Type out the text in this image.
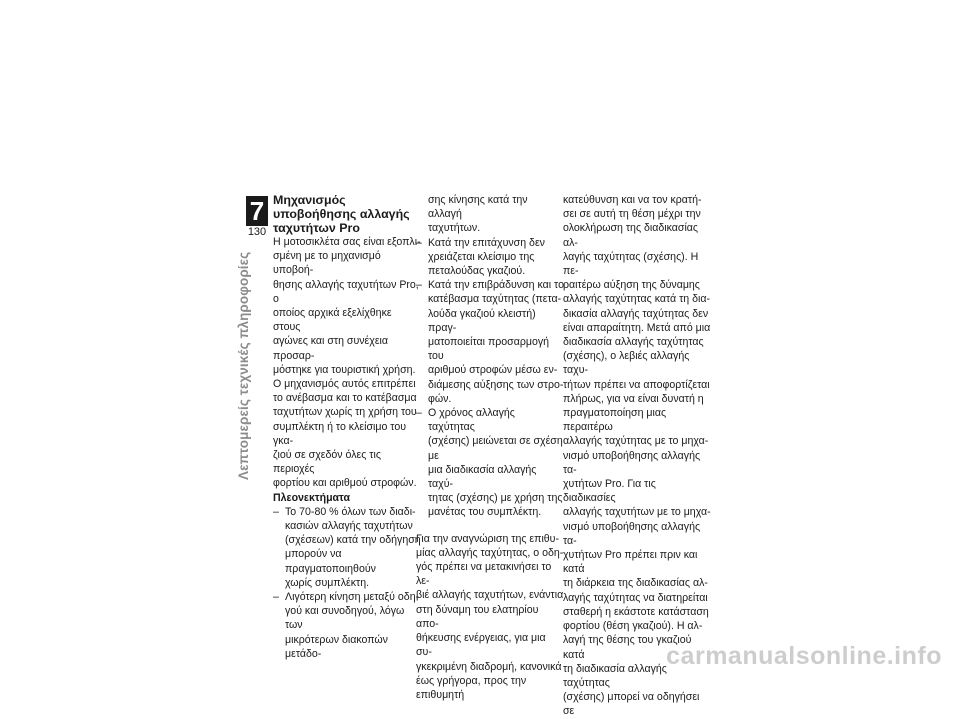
7
130
Λεπτομερείς τεχνικές πληροφορίες

Μηχανισμός
υποβοήθησης αλλαγής
ταχυτήτων Pro

Η μοτοσικλέτα σας είναι εξοπλι-
σμένη με το μηχανισμό υποβοή-
θησης αλλαγής ταχυτήτων Pro, ο
οποίος αρχικά εξελίχθηκε στους
αγώνες και στη συνέχεια προσαρ-
μόστηκε για τουριστική χρήση.

Ο μηχανισμός αυτός επιτρέπει
το ανέβασμα και το κατέβασμα
ταχυτήτων χωρίς τη χρήση του
συμπλέκτη ή το κλείσιμο του γκα-
ζιού σε σχεδόν όλες τις περιοχές
φορτίου και αριθμού στροφών.

Πλεονεκτήματα

– Το 70-80 % όλων των διαδι-
κασιών αλλαγής ταχυτήτων
(σχέσεων) κατά την οδήγηση
μπορούν να πραγματοποιηθούν
χωρίς συμπλέκτη.

– Λιγότερη κίνηση μεταξύ οδη-
γού και συνοδηγού, λόγω των
μικρότερων διακοπών μετάδο-

σης κίνησης κατά την αλλαγή
ταχυτήτων.

– Κατά την επιτάχυνση δεν
χρειάζεται κλείσιμο της
πεταλούδας γκαζιού.

– Κατά την επιβράδυνση και το
κατέβασμα ταχύτητας (πετα-
λούδα γκαζιού κλειστή) πραγ-
ματοποιείται προσαρμογή του
αριθμού στροφών μέσω εν-
διάμεσης αύξησης των στρο-
φών.

– Ο χρόνος αλλαγής ταχύτητας
(σχέσης) μειώνεται σε σχέση με
μια διαδικασία αλλαγής ταχύ-
τητας (σχέσης) με χρήση της
μανέτας του συμπλέκτη.

Για την αναγνώριση της επιθυ-
μίας αλλαγής ταχύτητας, ο οδη-
γός πρέπει να μετακινήσει το λε-
βιέ αλλαγής ταχυτήτων, ενάντια
στη δύναμη του ελατηρίου απο-
θήκευσης ενέργειας, για μια συ-
γκεκριμένη διαδρομή, κανονικά
έως γρήγορα, προς την επιθυμητή

κατεύθυνση και να τον κρατή-
σει σε αυτή τη θέση μέχρι την
ολοκλήρωση της διαδικασίας αλ-
λαγής ταχύτητας (σχέσης). Η πε-
ραιτέρω αύξηση της δύναμης
αλλαγής ταχύτητας κατά τη δια-
δικασία αλλαγής ταχύτητας δεν
είναι απαραίτητη. Μετά από μια
διαδικασία αλλαγής ταχύτητας
(σχέσης), ο λεβιές αλλαγής ταχυ-
τήτων πρέπει να αποφορτίζεται
πλήρως, για να είναι δυνατή η
πραγματοποίηση μιας περαιτέρω
αλλαγής ταχύτητας με το μηχα-
νισμό υποβοήθησης αλλαγής τα-
χυτήτων Pro. Για τις διαδικασίες
αλλαγής ταχυτήτων με το μηχα-
νισμό υποβοήθησης αλλαγής τα-
χυτήτων Pro πρέπει πριν και κατά
τη διάρκεια της διαδικασίας αλ-
λαγής ταχύτητας να διατηρείται
σταθερή η εκάστοτε κατάσταση
φορτίου (θέση γκαζιού). Η αλ-
λαγή της θέσης του γκαζιού κατά
τη διαδικασία αλλαγής ταχύτητας
(σχέσης) μπορεί να οδηγήσει σε

carmanualsonline.info
